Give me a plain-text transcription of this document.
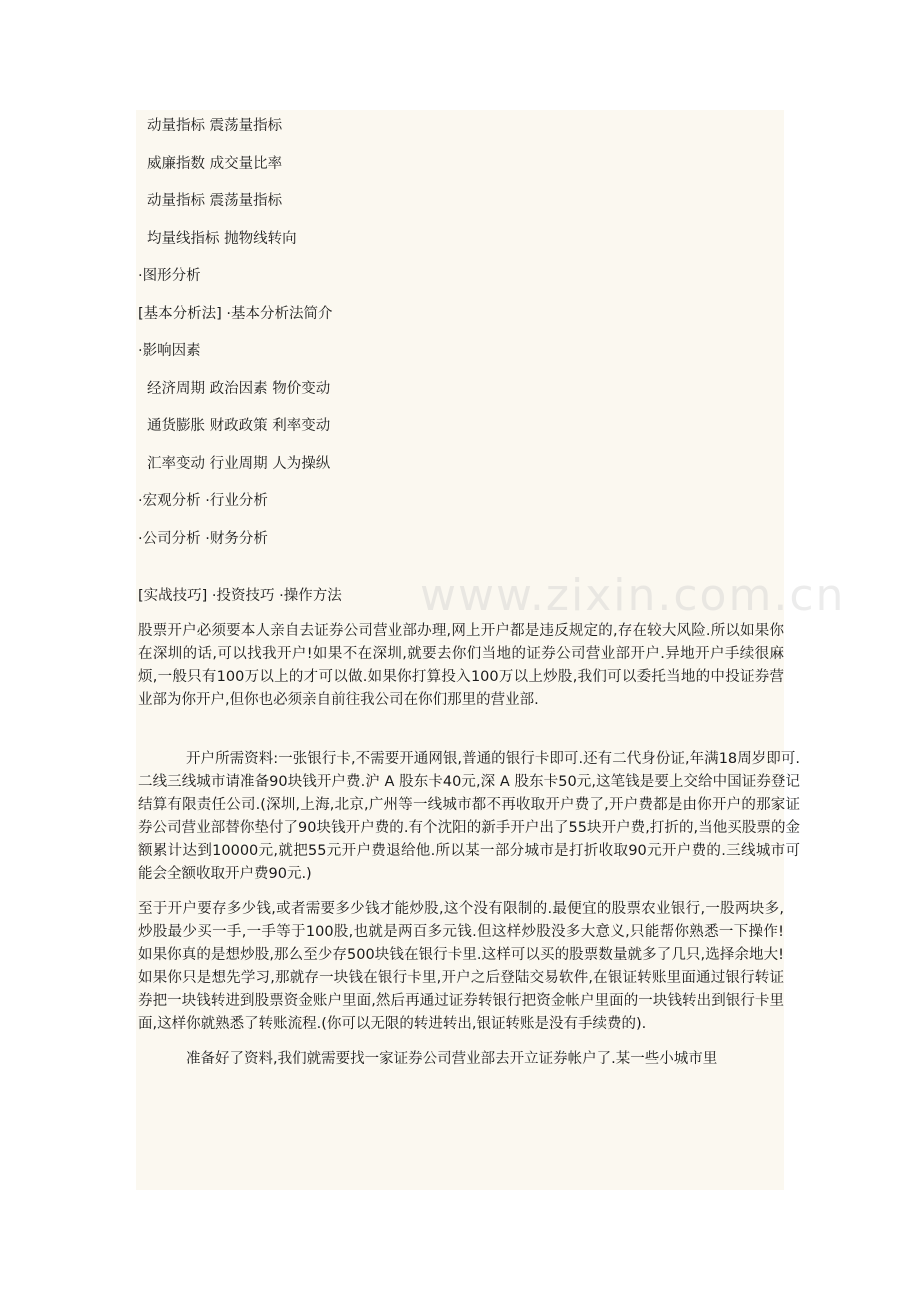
www.zixin.com.cn
动量指标 震荡量指标
威廉指数 成交量比率
动量指标 震荡量指标
均量线指标 抛物线转向
·图形分析
[基本分析法] ·基本分析法简介
·影响因素
经济周期 政治因素 物价变动
通货膨胀 财政政策 利率变动
汇率变动 行业周期 人为操纵
·宏观分析 ·行业分析
·公司分析 ·财务分析
[实战技巧] ·投资技巧 ·操作方法

股票开户必须要本人亲自去证券公司营业部办理,网上开户都是违反规定的,存在较大风险.所以如果你在深圳的话,可以找我开户!如果不在深圳,就要去你们当地的证券公司营业部开户.异地开户手续很麻烦,一般只有100万以上的才可以做.如果你打算投入100万以上炒股,我们可以委托当地的中投证券营业部为你开户,但你也必须亲自前往我公司在你们那里的营业部.

开户所需资料:一张银行卡,不需要开通网银,普通的银行卡即可.还有二代身份证,年满18周岁即可.二线三线城市请准备90块钱开户费.沪 A 股东卡40元,深 A 股东卡50元,这笔钱是要上交给中国证券登记结算有限责任公司.(深圳,上海,北京,广州等一线城市都不再收取开户费了,开户费都是由你开户的那家证券公司营业部替你垫付了90块钱开户费的.有个沈阳的新手开户出了55块开户费,打折的,当他买股票的金额累计达到10000元,就把55元开户费退给他.所以某一部分城市是打折收取90元开户费的.三线城市可能会全额收取开户费90元.)

至于开户要存多少钱,或者需要多少钱才能炒股,这个没有限制的.最便宜的股票农业银行,一股两块多,炒股最少买一手,一手等于100股,也就是两百多元钱.但这样炒股没多大意义,只能帮你熟悉一下操作!如果你真的是想炒股,那么至少存500块钱在银行卡里.这样可以买的股票数量就多了几只,选择余地大!如果你只是想先学习,那就存一块钱在银行卡里,开户之后登陆交易软件,在银证转账里面通过银行转证券把一块钱转进到股票资金账户里面,然后再通过证券转银行把资金帐户里面的一块钱转出到银行卡里面,这样你就熟悉了转账流程.(你可以无限的转进转出,银证转账是没有手续费的).

准备好了资料,我们就需要找一家证券公司营业部去开立证券帐户了.某一些小城市里
